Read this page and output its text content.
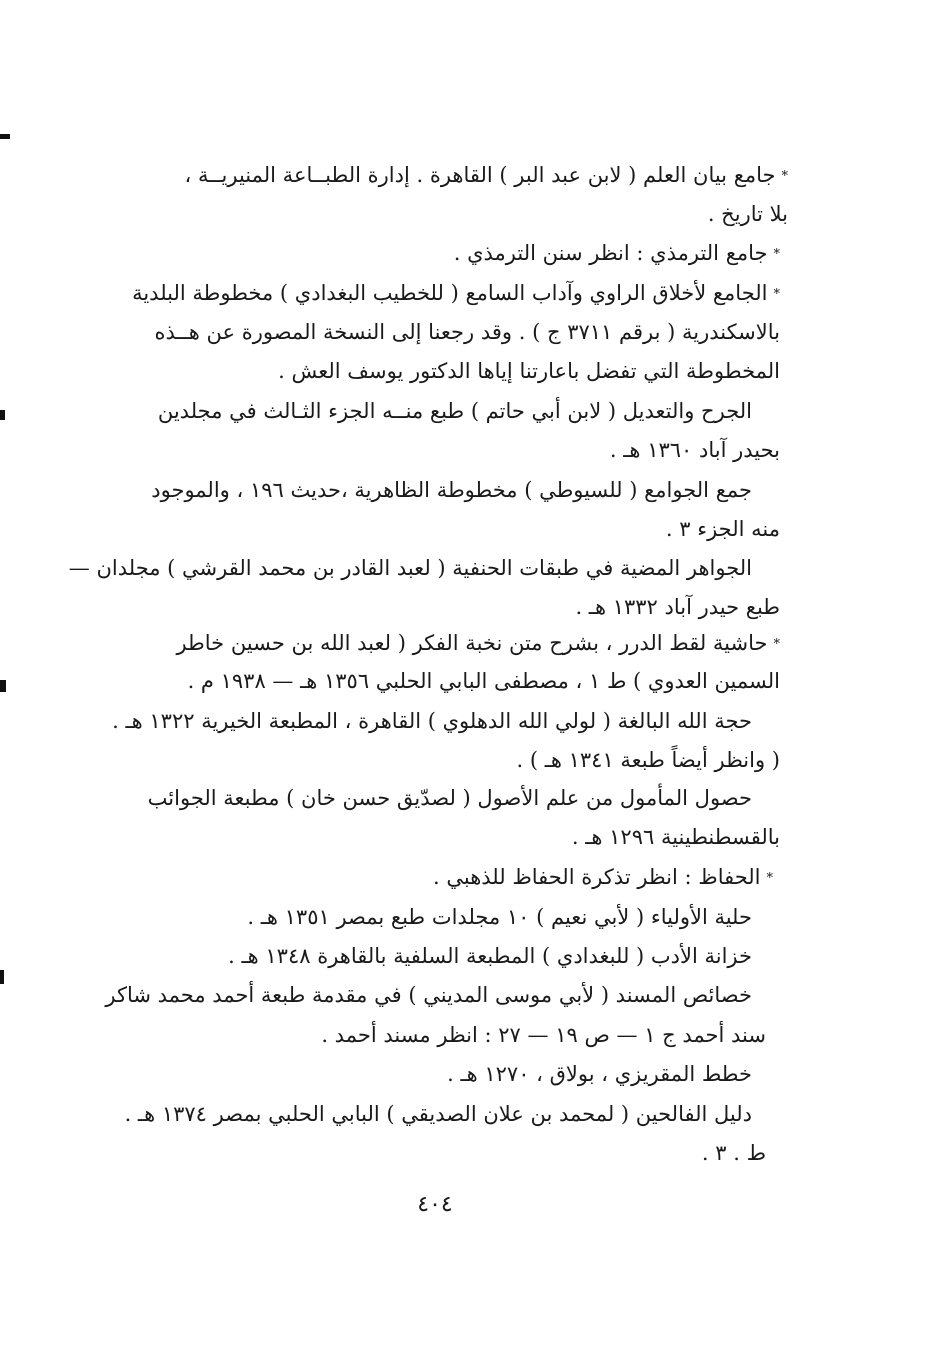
*جامع بيان العلم ( لابن عبد البر ) القاهرة . إدارة الطبــاعة المنيريــة ،
بلا تاريخ .
*جامع الترمذي : انظر سنن الترمذي .
*الجامع لأخلاق الراوي وآداب السامع ( للخطيب البغدادي ) مخطوطة البلدية
بالاسكندرية ( برقم ٣٧١١ ج ) . وقد رجعنا إلى النسخة المصورة عن هــذه
المخطوطة التي تفضل باعارتنا إياها الدكتور يوسف العش .
الجرح والتعديل ( لابن أبي حاتم ) طبع منــه الجزء الثـالث في مجلدين
بحيدر آباد ١٣٦٠ هـ .
جمع الجوامع ( للسيوطي ) مخطوطة الظاهرية ،حديث ١٩٦ ، والموجود
منه الجزء ٣ .
الجواهر المضية في طبقات الحنفية ( لعبد القادر بن محمد القرشي ) مجلدان —
طبع حيدر آباد ١٣٣٢ هـ .
*حاشية لقط الدرر ، بشرح متن نخبة الفكر ( لعبد الله بن حسين خاطر
السمين العدوي ) ط ١ ، مصطفى البابي الحلبي ١٣٥٦ هـ — ١٩٣٨ م .
حجة الله البالغة ( لولي الله الدهلوي ) القاهرة ، المطبعة الخيرية ١٣٢٢ هـ .
( وانظر أيضاً طبعة ١٣٤١ هـ ) .
حصول المأمول من علم الأصول ( لصدّيق حسن خان ) مطبعة الجوائب
بالقسطنطينية ١٢٩٦ هـ .
*الحفاظ : انظر تذكرة الحفاظ للذهبي .
حلية الأولياء ( لأبي نعيم ) ١٠ مجلدات طبع بمصر ١٣٥١ هـ .
خزانة الأدب ( للبغدادي ) المطبعة السلفية بالقاهرة ١٣٤٨ هـ .
خصائص المسند ( لأبي موسى المديني ) في مقدمة طبعة أحمد محمد شاكر
سند أحمد ج ١ — ص ١٩ — ٢٧ : انظر مسند أحمد .
خطط المقريزي ، بولاق ، ١٢٧٠ هـ .
دليل الفالحين ( لمحمد بن علان الصديقي ) البابي الحلبي بمصر ١٣٧٤ هـ .
ط . ٣ .
٤٠٤
